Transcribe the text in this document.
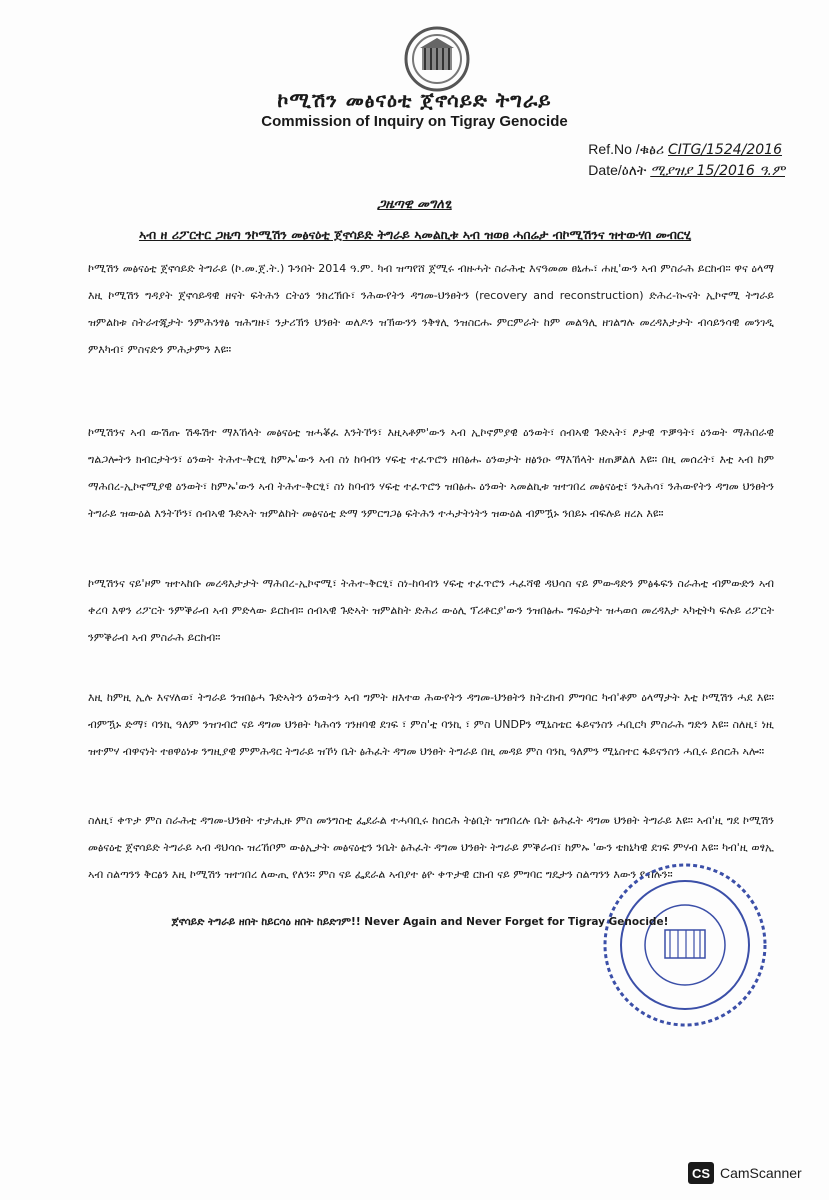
ኮሚሽን መፅናዕቲ ጀኖሳይድ ትግራይ
Commission of Inquiry on Tigray Genocide
Ref.No /ቁፅሪ CITG/1524/2016
Date/ዕለት ሚያዝያ 15/2016 ዓ.ም
ጋዜጣዊ መግለፂ
ኣብ ዘ ሪፖርተር ጋዜጣ ንኮሚሽን መፅናዕቲ ጀኖሳይድ ትግራይ ኣመልኪቱ ኣብ ዝወፀ ሓበሬታ ብኮሚሽንና ዝተውሃበ መብርሂ
ኮሚሽን መፅናዕቲ ጀኖሳይድ ትግራይ (ኮ.መ.ጀ.ት.) ጉንበት 2014 ዓ.ም. ካብ ዝጣየሸ ጀሚሩ ብዙሓት ስራሕቲ እናዓመመ ፀኒሑ፣ ሐዚ'ውን ኣብ ምስራሕ ይርከብ። ዋና ዕላማ እዚ ኮሚሽን ግዳያት ጀኖሳይዳዊ ዘናት ፍትሕን ርትዕን ንክረኽቡ፣ ንሕውየትን ዳግመ-ህንፀትን (recovery and reconstruction) ድሕረ-ኲናት ኢኮኖሚ ትግራይ ዝምልከቱ ስትራተጂታት ንምሕንፃፅ ዝሕግዙ፣ ንታሪኽን ህንፀት ወለዶን ዝኽውንን ንቅፃሊ ንዝስርሑ ምርምራት ከም መልዓሊ ዘገልግሉ መረዳእታታት ብሳይንሳዊ መንገዲ ምእካብ፣ ምስናድን ምሕታምን እዩ።
ኮሚሽንና ኣብ ውሽጡ ሽዱሽተ ማእኸላት መፅናዕቲ ዝሓቖፈ እንትኾን፣ እዚኣቶም'ውን ኣብ ኢኮኖምያዊ ዕንወት፣ ሰብኣዊ ጉድኣት፣ ፆታዊ ጥቓዓት፣ ዕንወት ማሕበራዊ ግልጋሎትን ክብርታትን፣ ዕንወት ትሕተ-ቅርፂ ከምኡ'ውን ኣብ ስነ ከባብን ሃፍቲ ተፈጥሮን ዘበፅሑ ዕንወታት ዘፅንዑ ማእኸላት ዘጠቓልለ እዩ። በዚ መሰረት፣ እቲ ኣብ ከም ማሕበረ-ኢኮኖሚያዊ ዕንወት፣ ከምኡ'ውን ኣብ ትሕተ-ቅርፂ፣ ስነ ከባብን ሃፍቲ ተፈጥሮን ዝበፅሑ ዕንወት ኣመልኪቱ ዝተገበረ መፅናዕቲ፣ ንኣሕሳ፣ ንሕውየትን ዳግመ ህንፀትን ትግራይ ዝውዕል እንትኾን፣ ሰብኣዊ ጉድኣት ዝምልከት መፅናዕቲ ድማ ንምርግጋፅ ፍትሕን ተሓታትነትን ዝውዕል ብምዃኑ ንበይኑ ብፍሉይ ዘረአ እዩ።
ኮሚሽንና ናይ'ዞም ዝተኣከቡ መረዳእታታት ማሕበረ-ኢኮኖሚ፣ ትሕተ-ቅርፂ፣ ስነ-ከባብን ሃፍቲ ተፈጥሮን ሓፈሻዊ ዳህሳስ ናይ ምውዳድን ምፅፋፍን ስራሕቲ ብምውድን ኣብ ቀረባ እዋን ሪፖርት ንምቕራብ ኣብ ምድላው ይርከብ። ሰብኣዊ ጉድኣት ዝምልከት ድሕሪ ውዕሊ ፕሪቶርያ'ውን ንዝበፅሑ ግፍዕታት ዝሓወሰ መረዳእታ ኣካቲትካ ፍሉይ ሪፖርት ንምቕራብ ኣብ ምስራሕ ይርከብ።
እዚ ከምዚ ኢሉ እናሃለወ፣ ትግራይ ንዝበፅሓ ጉድኣትን ዕንወትን ኣብ ግምት ዘእተወ ሕውየትን ዳግመ-ህንፀትን ክትረክብ ምግባር ካብ'ቶም ዕላማታት እቲ ኮሚሽን ሓደ እዩ። ብምዃኑ ድማ፣ ባንኪ ዓለም ንዝገብሮ ናይ ዳግመ ህንፀት ካሕሳን ገንዘባዊ ደገፍ ፣ ምስ'ቲ ባንኪ ፣ ምስ UNDPን ሚኒስቴር ፋይናንስን ሓቢርካ ምስራሕ ግድን እዩ። ስለዚ፣ ነዚ ዝተምሃ ብዋናነት ተፀዋዕነቱ ንግዚያዊ ምምሕዳር ትግራይ ዝኾነ ቤት ፅሕፈት ዳግመ ህንፀት ትግራይ በዚ መዳይ ምስ ባንኪ ዓለምን ሚኒስተር ፋይናንስን ሓቢሩ ይሰርሕ ኣሎ።
ስለዚ፣ ቀጥታ ምስ ስራሕቲ ዳግመ-ህንፀት ተታሒዙ ምስ መንግስቲ ፌደራል ተሓባቢሩ ከሰርሕ ትፅቢት ዝግበረሉ ቤት ፅሕፈት ዳግመ ህንፀት ትግራይ እዩ። ኣብ'ዚ ግደ ኮሚሽን መፅናዕቲ ጀኖሳይድ ትግራይ ኣብ ዳህሳሱ ዝረኸቦም ውፅኢታት መፅናዕቲን ንቤት ፅሕፈት ዳግመ ህንፀት ትግራይ ምቕራብ፣ ከምኡ 'ውን ቴክኒካዊ ደገፍ ምሃብ እዩ። ካብ'ዚ ወፃኢ ኣብ ስልጣንን ቅርፅን እዚ ኮሚሽን ዝተገበረ ለውጢ የለን። ምስ ናይ ፌደራል ኣብያተ ፅዮ ቀጥታዊ ርክብ ናይ ምግባር ግዴታን ስልጣንን እውን የብሉን።
ጀኖሳይድ ትግራይ ዘበት ከይርሳዕ ዘበት ከይድገም!! Never Again and Never Forget for Tigray Genocide!
CS CamScanner
